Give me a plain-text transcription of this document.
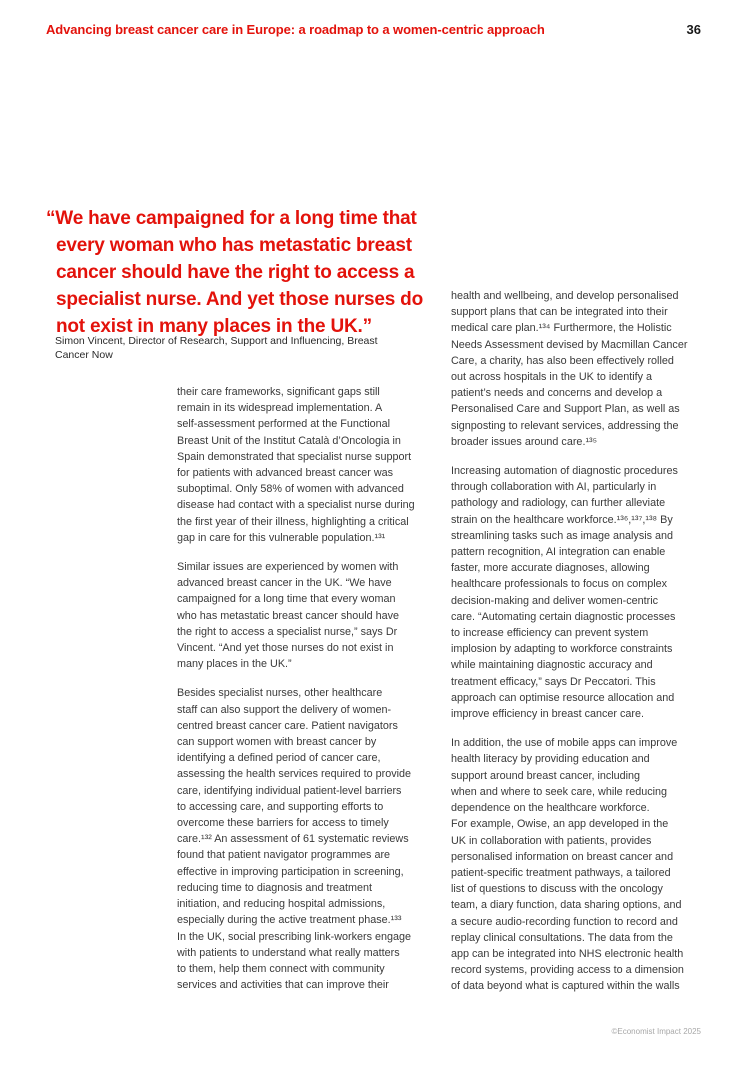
Advancing breast cancer care in Europe: a roadmap to a women-centric approach	36
“We have campaigned for a long time that
every woman who has metastatic breast
cancer should have the right to access a
specialist nurse. And yet those nurses do
not exist in many places in the UK.”
Simon Vincent, Director of Research, Support and Influencing, Breast
Cancer Now

their care frameworks, significant gaps still
remain in its widespread implementation. A
self-assessment performed at the Functional
Breast Unit of the Institut Català d’Oncologia in
Spain demonstrated that specialist nurse support
for patients with advanced breast cancer was
suboptimal. Only 58% of women with advanced
disease had contact with a specialist nurse during
the first year of their illness, highlighting a critical
gap in care for this vulnerable population.¹³¹

Similar issues are experienced by women with
advanced breast cancer in the UK. “We have
campaigned for a long time that every woman
who has metastatic breast cancer should have
the right to access a specialist nurse,” says Dr
Vincent. “And yet those nurses do not exist in
many places in the UK.”

Besides specialist nurses, other healthcare
staff can also support the delivery of women-
centred breast cancer care. Patient navigators
can support women with breast cancer by
identifying a defined period of cancer care,
assessing the health services required to provide
care, identifying individual patient-level barriers
to accessing care, and supporting efforts to
overcome these barriers for access to timely
care.¹³² An assessment of 61 systematic reviews
found that patient navigator programmes are
effective in improving participation in screening,
reducing time to diagnosis and treatment
initiation, and reducing hospital admissions,
especially during the active treatment phase.¹³³
In the UK, social prescribing link-workers engage
with patients to understand what really matters
to them, help them connect with community
services and activities that can improve their

health and wellbeing, and develop personalised
support plans that can be integrated into their
medical care plan.¹³⁴ Furthermore, the Holistic
Needs Assessment devised by Macmillan Cancer
Care, a charity, has also been effectively rolled
out across hospitals in the UK to identify a
patient’s needs and concerns and develop a
Personalised Care and Support Plan, as well as
signposting to relevant services, addressing the
broader issues around care.¹³⁵

Increasing automation of diagnostic procedures
through collaboration with AI, particularly in
pathology and radiology, can further alleviate
strain on the healthcare workforce.¹³⁶,¹³⁷,¹³⁸ By
streamlining tasks such as image analysis and
pattern recognition, AI integration can enable
faster, more accurate diagnoses, allowing
healthcare professionals to focus on complex
decision-making and deliver women-centric
care. “Automating certain diagnostic processes
to increase efficiency can prevent system
implosion by adapting to workforce constraints
while maintaining diagnostic accuracy and
treatment efficacy,” says Dr Peccatori. This
approach can optimise resource allocation and
improve efficiency in breast cancer care.

In addition, the use of mobile apps can improve
health literacy by providing education and
support around breast cancer, including
when and where to seek care, while reducing
dependence on the healthcare workforce.
For example, Owise, an app developed in the
UK in collaboration with patients, provides
personalised information on breast cancer and
patient-specific treatment pathways, a tailored
list of questions to discuss with the oncology
team, a diary function, data sharing options, and
a secure audio-recording function to record and
replay clinical consultations. The data from the
app can be integrated into NHS electronic health
record systems, providing access to a dimension
of data beyond what is captured within the walls

©Economist Impact 2025
